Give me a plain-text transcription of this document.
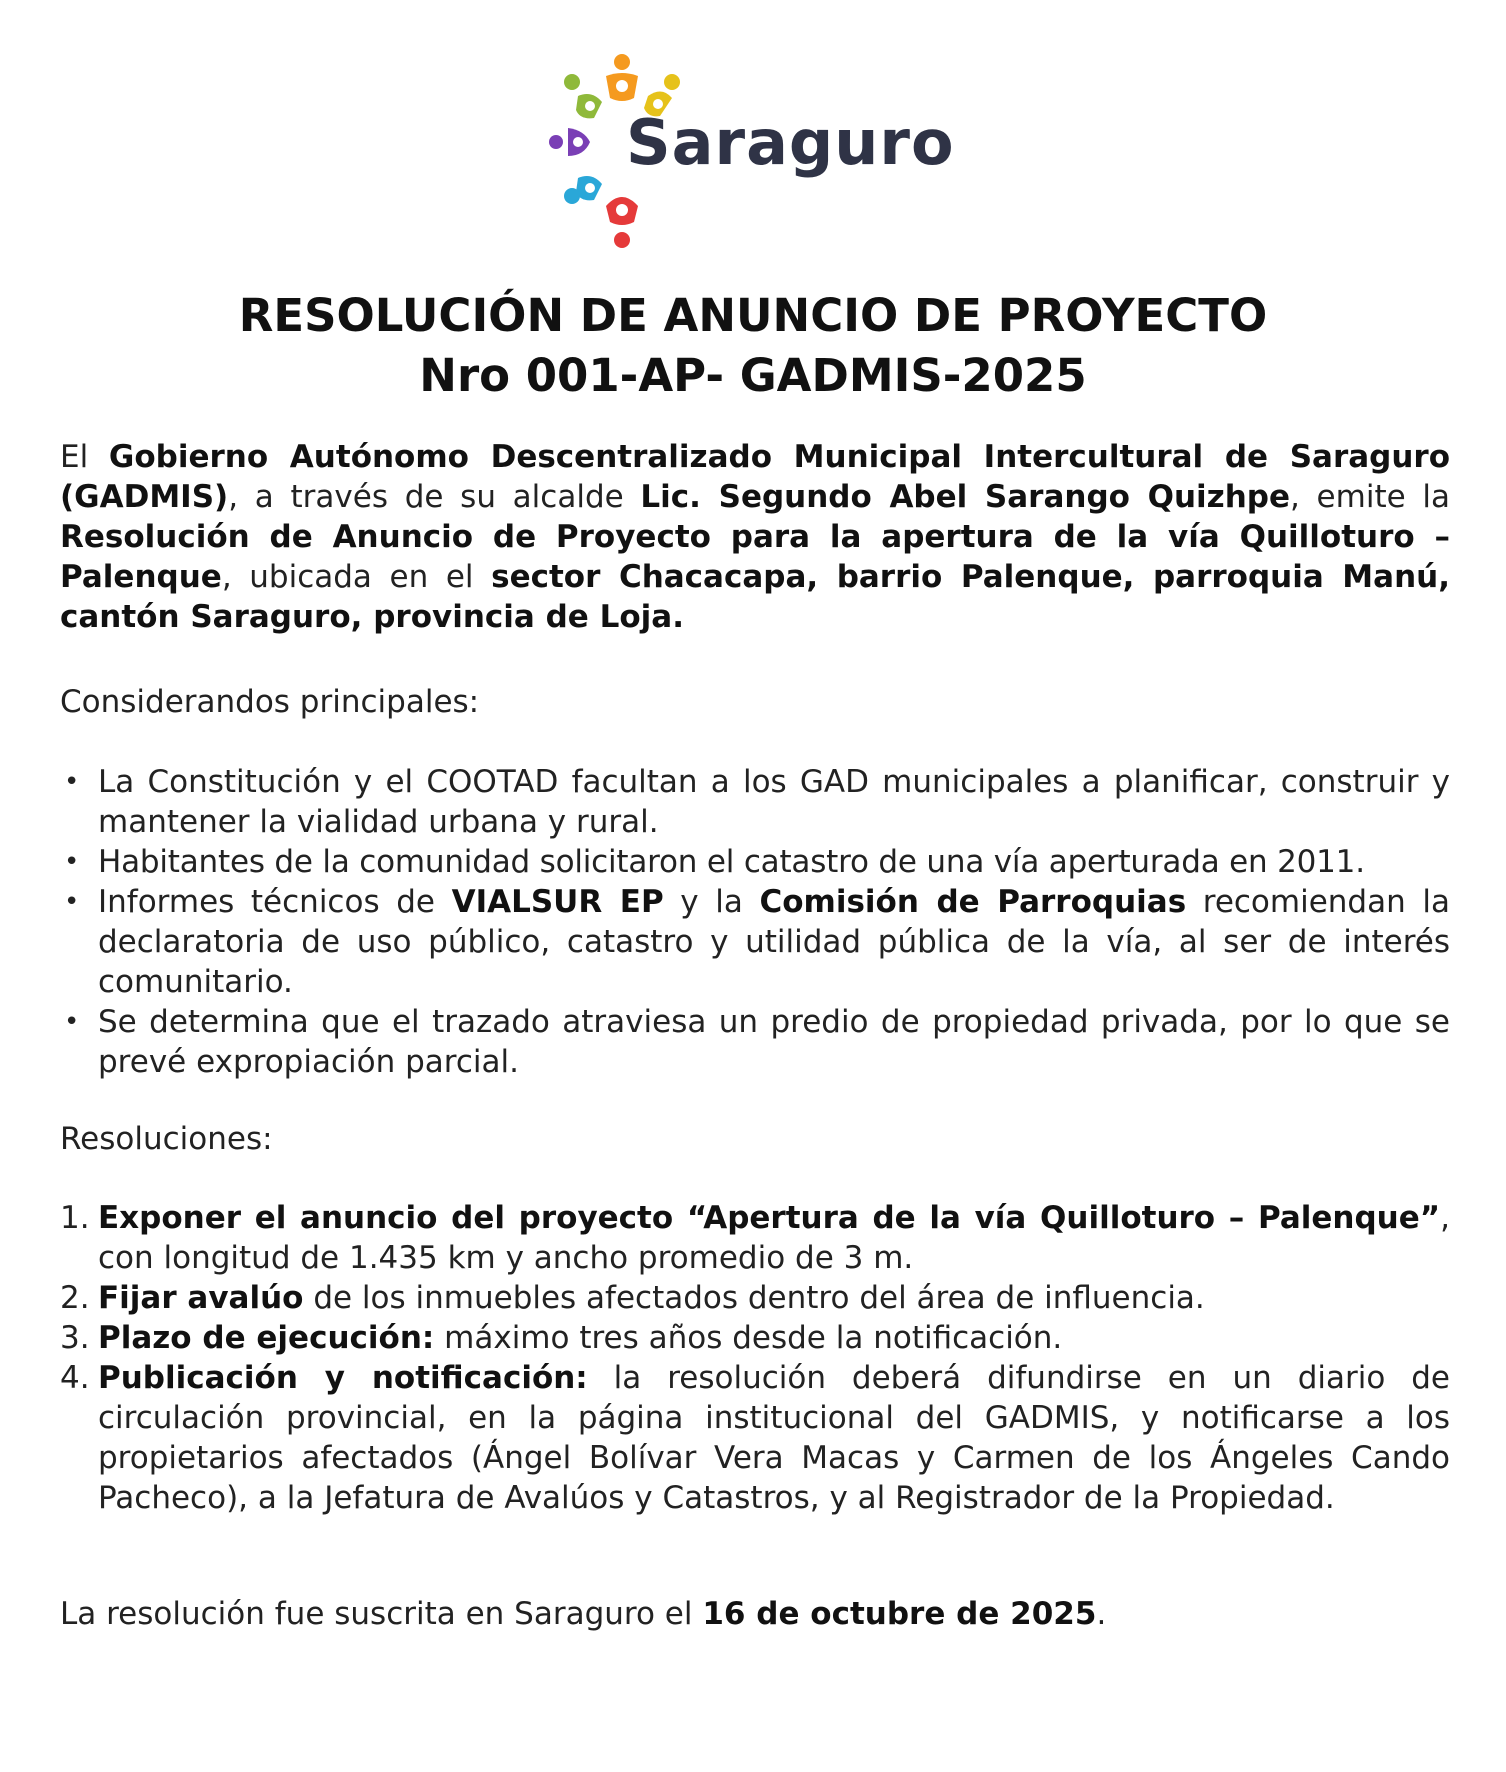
Saraguro
RESOLUCIÓN DE ANUNCIO DE PROYECTO
Nro 001-AP- GADMIS-2025
El Gobierno Autónomo Descentralizado Municipal Intercultural de Saraguro (GADMIS), a través de su alcalde Lic. Segundo Abel Sarango Quizhpe, emite la Resolución de Anuncio de Proyecto para la apertura de la vía Quilloturo – Palenque, ubicada en el sector Chacacapa, barrio Palenque, parroquia Manú, cantón Saraguro, provincia de Loja.
Considerandos principales:
• La Constitución y el COOTAD facultan a los GAD municipales a planificar, construir y mantener la vialidad urbana y rural.
• Habitantes de la comunidad solicitaron el catastro de una vía aperturada en 2011.
• Informes técnicos de VIALSUR EP y la Comisión de Parroquias recomiendan la declaratoria de uso público, catastro y utilidad pública de la vía, al ser de interés comunitario.
• Se determina que el trazado atraviesa un predio de propiedad privada, por lo que se prevé expropiación parcial.
Resoluciones:
1. Exponer el anuncio del proyecto “Apertura de la vía Quilloturo – Palenque”, con longitud de 1.435 km y ancho promedio de 3 m.
2. Fijar avalúo de los inmuebles afectados dentro del área de influencia.
3. Plazo de ejecución: máximo tres años desde la notificación.
4. Publicación y notificación: la resolución deberá difundirse en un diario de circulación provincial, en la página institucional del GADMIS, y notificarse a los propietarios afectados (Ángel Bolívar Vera Macas y Carmen de los Ángeles Cando Pacheco), a la Jefatura de Avalúos y Catastros, y al Registrador de la Propiedad.
La resolución fue suscrita en Saraguro el 16 de octubre de 2025.
